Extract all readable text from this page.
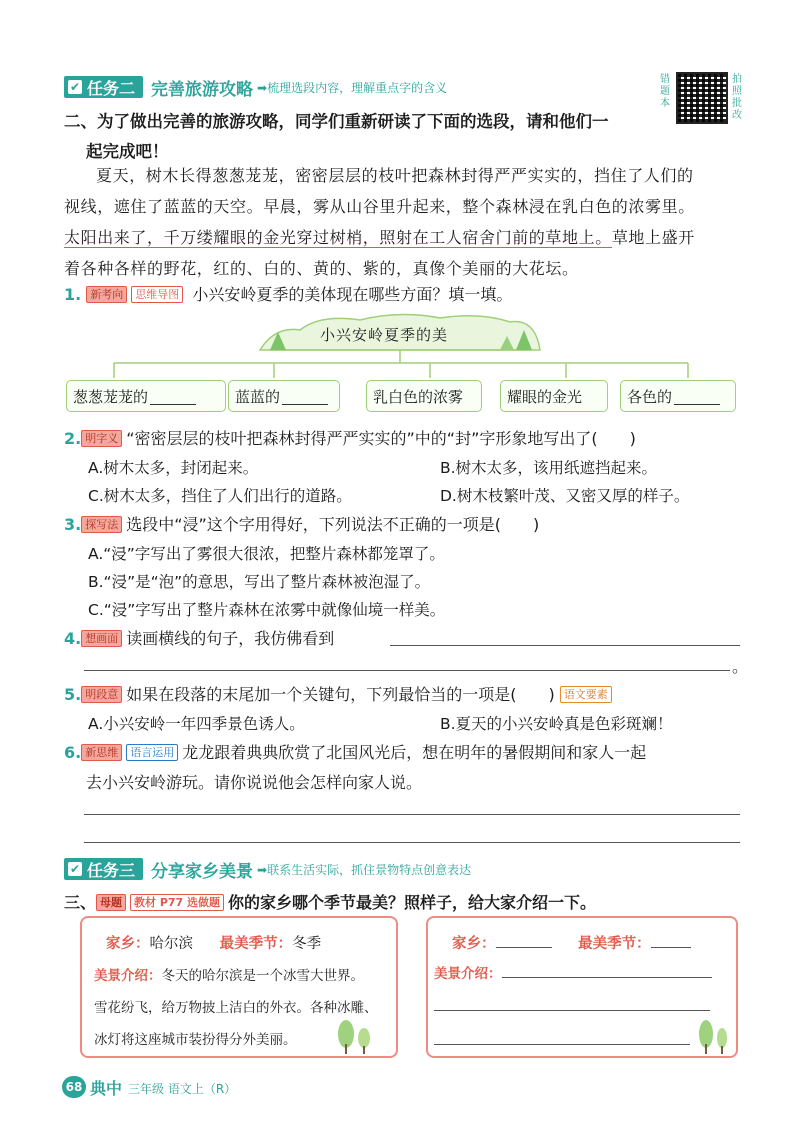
✔ 任务二 完善旅游攻略 ➡梳理选段内容，理解重点字的含义
错题本
拍照批改
二、为了做出完善的旅游攻略，同学们重新研读了下面的选段，请和他们一
起完成吧！
夏天，树木长得葱葱茏茏，密密层层的枝叶把森林封得严严实实的，挡住了人们的
视线，遮住了蓝蓝的天空。早晨，雾从山谷里升起来，整个森林浸在乳白色的浓雾里。
太阳出来了，千万缕耀眼的金光穿过树梢，照射在工人宿舍门前的草地上。草地上盛开
着各种各样的野花，红的、白的、黄的、紫的，真像个美丽的大花坛。
1. 新考向 思维导图 小兴安岭夏季的美体现在哪些方面？填一填。
小兴安岭夏季的美
葱葱茏茏的	蓝蓝的	乳白色的浓雾	耀眼的金光	各色的
2. 明字义 “密密层层的枝叶把森林封得严严实实的”中的“封”字形象地写出了(　　)
A.树木太多，封闭起来。	B.树木太多，该用纸遮挡起来。
C.树木太多，挡住了人们出行的道路。	D.树木枝繁叶茂、又密又厚的样子。
3. 探写法 选段中“浸”这个字用得好，下列说法不正确的一项是(　　)
A.“浸”字写出了雾很大很浓，把整片森林都笼罩了。
B.“浸”是“泡”的意思，写出了整片森林被泡湿了。
C.“浸”字写出了整片森林在浓雾中就像仙境一样美。
4. 想画面 读画横线的句子，我仿佛看到
。
5. 明段意 如果在段落的末尾加一个关键句，下列最恰当的一项是(　　) 语文要素
A.小兴安岭一年四季景色诱人。	B.夏天的小兴安岭真是色彩斑斓！
6. 新思维 语言运用 龙龙跟着典典欣赏了北国风光后，想在明年的暑假期间和家人一起
去小兴安岭游玩。请你说说他会怎样向家人说。
✔ 任务三 分享家乡美景 ➡联系生活实际，抓住景物特点创意表达
三、 母题 教材 P77 选做题 你的家乡哪个季节最美？照样子，给大家介绍一下。
家乡：哈尔滨 最美季节：冬季
美景介绍：冬天的哈尔滨是一个冰雪大世界。
雪花纷飞，给万物披上洁白的外衣。各种冰雕、
冰灯将这座城市装扮得分外美丽。
家乡：	最美季节：
美景介绍：
68 典中 三年级 语文上（R）
